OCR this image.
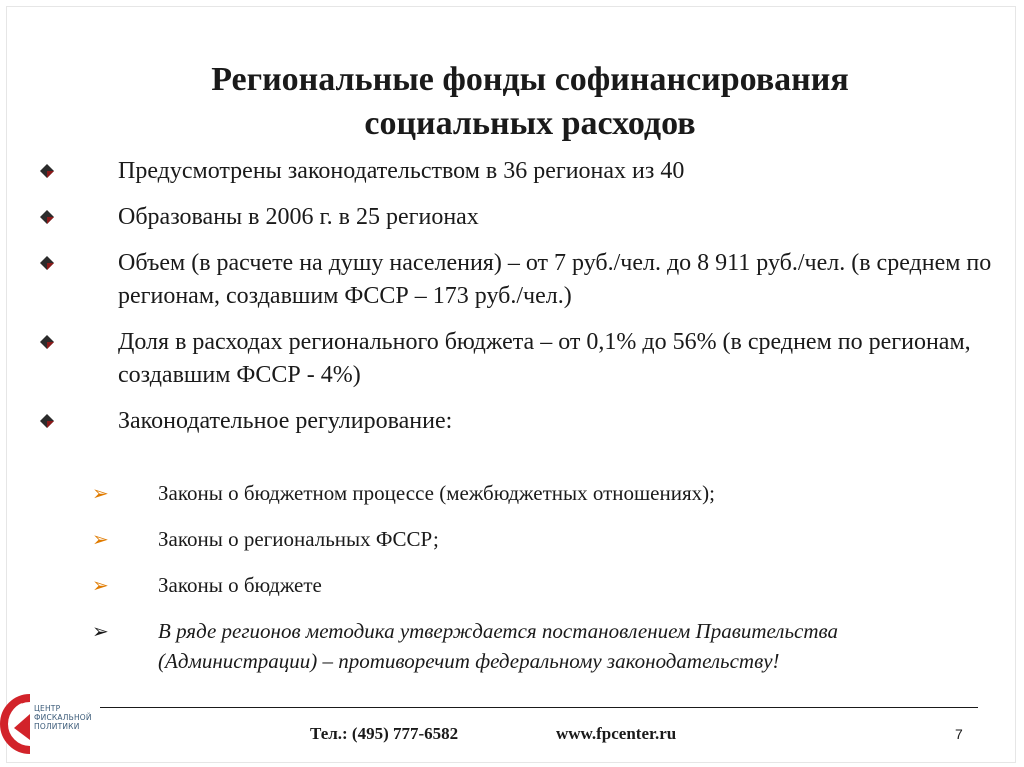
Региональные фонды софинансирования
социальных расходов
Предусмотрены законодательством в 36 регионах из 40
Образованы в 2006 г. в 25 регионах
Объем (в расчете на душу населения) – от 7 руб./чел. до 8 911 руб./чел. (в среднем по регионам, создавшим ФССР – 173 руб./чел.)
Доля в расходах регионального бюджета – от 0,1% до 56% (в среднем по регионам, создавшим ФССР - 4%)
Законодательное регулирование:
➢ Законы о бюджетном процессе (межбюджетных отношениях);
➢ Законы о региональных ФССР;
➢ Законы о бюджете
➢ В ряде регионов методика утверждается постановлением Правительства (Администрации) – противоречит федеральному законодательству!
ЦЕНТР
ФИСКАЛЬНОЙ
ПОЛИТИКИ	Тел.: (495) 777-6582	www.fpcenter.ru	7
